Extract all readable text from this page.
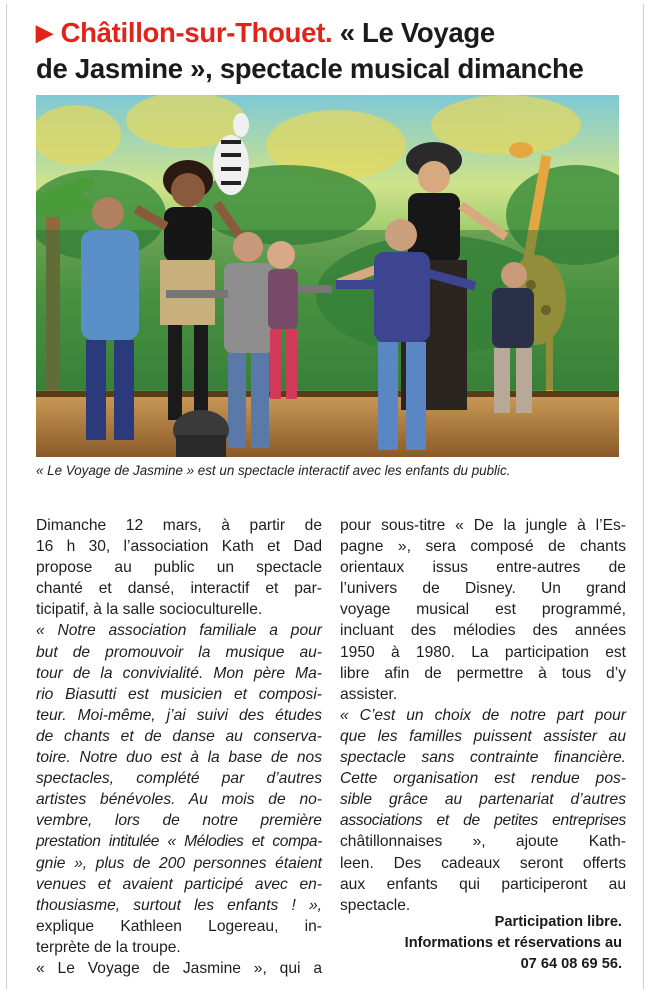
▶ Châtillon-sur-Thouet. « Le Voyage
de Jasmine », spectacle musical dimanche
« Le Voyage de Jasmine » est un spectacle interactif avec les enfants du public.
Dimanche 12 mars, à partir de
16 h 30, l’association Kath et Dad
propose au public un spectacle
chanté et dansé, interactif et par-
ticipatif, à la salle socioculturelle.
« Notre association familiale a pour
but de promouvoir la musique au-
tour de la convivialité. Mon père Ma-
rio Biasutti est musicien et composi-
teur. Moi-même, j’ai suivi des études
de chants et de danse au conserva-
toire. Notre duo est à la base de nos
spectacles, complété par d’autres
artistes bénévoles. Au mois de no-
vembre, lors de notre première
prestation intitulée « Mélodies et compa-
gnie », plus de 200 personnes étaient
venues et avaient participé avec en-
thousiasme, surtout les enfants ! »,
explique Kathleen Logereau, in-
terprète de la troupe.
« Le Voyage de Jasmine », qui a
pour sous-titre « De la jungle à l’Es-
pagne », sera composé de chants
orientaux issus entre-autres de
l’univers de Disney. Un grand
voyage musical est programmé,
incluant des mélodies des années
1950 à 1980. La participation est
libre afin de permettre à tous d’y
assister.
« C’est un choix de notre part pour
que les familles puissent assister au
spectacle sans contrainte financière.
Cette organisation est rendue pos-
sible grâce au partenariat d’autres
associations et de petites entreprises
châtillonnaises », ajoute Kath-
leen. Des cadeaux seront offerts
aux enfants qui participeront au
spectacle.
Participation libre.
Informations et réservations au
07 64 08 69 56.
